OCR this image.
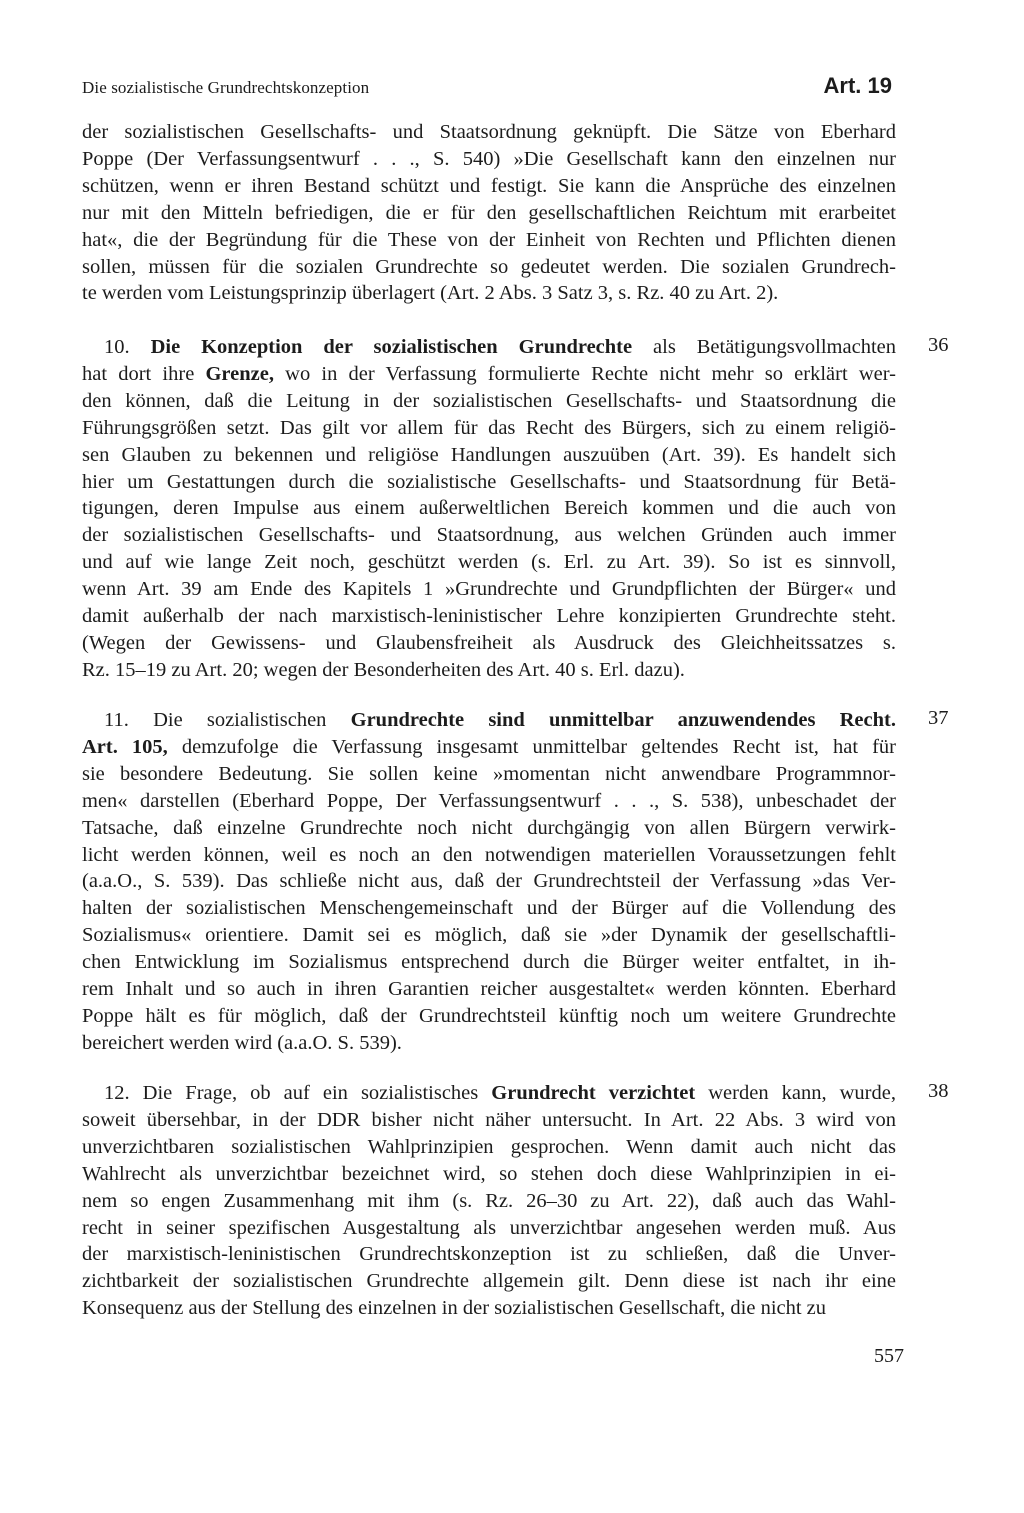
Die sozialistische Grundrechtskonzeption	Art. 19
der sozialistischen Gesellschafts- und Staatsordnung geknüpft. Die Sätze von Eberhard
Poppe (Der Verfassungsentwurf . . ., S. 540) »Die Gesellschaft kann den einzelnen nur
schützen, wenn er ihren Bestand schützt und festigt. Sie kann die Ansprüche des einzelnen
nur mit den Mitteln befriedigen, die er für den gesellschaftlichen Reichtum mit erarbeitet
hat«, die der Begründung für die These von der Einheit von Rechten und Pflichten dienen
sollen, müssen für die sozialen Grundrechte so gedeutet werden. Die sozialen Grundrech-
te werden vom Leistungsprinzip überlagert (Art. 2 Abs. 3 Satz 3, s. Rz. 40 zu Art. 2).
36
10. Die Konzeption der sozialistischen Grundrechte als Betätigungsvollmachten
hat dort ihre Grenze, wo in der Verfassung formulierte Rechte nicht mehr so erklärt wer-
den können, daß die Leitung in der sozialistischen Gesellschafts- und Staatsordnung die
Führungsgrößen setzt. Das gilt vor allem für das Recht des Bürgers, sich zu einem religiö-
sen Glauben zu bekennen und religiöse Handlungen auszuüben (Art. 39). Es handelt sich
hier um Gestattungen durch die sozialistische Gesellschafts- und Staatsordnung für Betä-
tigungen, deren Impulse aus einem außerweltlichen Bereich kommen und die auch von
der sozialistischen Gesellschafts- und Staatsordnung, aus welchen Gründen auch immer
und auf wie lange Zeit noch, geschützt werden (s. Erl. zu Art. 39). So ist es sinnvoll,
wenn Art. 39 am Ende des Kapitels 1 »Grundrechte und Grundpflichten der Bürger« und
damit außerhalb der nach marxistisch-leninistischer Lehre konzipierten Grundrechte steht.
(Wegen der Gewissens- und Glaubensfreiheit als Ausdruck des Gleichheitssatzes s.
Rz. 15–19 zu Art. 20; wegen der Besonderheiten des Art. 40 s. Erl. dazu).
37
11. Die sozialistischen Grundrechte sind unmittelbar anzuwendendes Recht.
Art. 105, demzufolge die Verfassung insgesamt unmittelbar geltendes Recht ist, hat für
sie besondere Bedeutung. Sie sollen keine »momentan nicht anwendbare Programmnor-
men« darstellen (Eberhard Poppe, Der Verfassungsentwurf . . ., S. 538), unbeschadet der
Tatsache, daß einzelne Grundrechte noch nicht durchgängig von allen Bürgern verwirk-
licht werden können, weil es noch an den notwendigen materiellen Voraussetzungen fehlt
(a.a.O., S. 539). Das schließe nicht aus, daß der Grundrechtsteil der Verfassung »das Ver-
halten der sozialistischen Menschengemeinschaft und der Bürger auf die Vollendung des
Sozialismus« orientiere. Damit sei es möglich, daß sie »der Dynamik der gesellschaftli-
chen Entwicklung im Sozialismus entsprechend durch die Bürger weiter entfaltet, in ih-
rem Inhalt und so auch in ihren Garantien reicher ausgestaltet« werden könnten. Eberhard
Poppe hält es für möglich, daß der Grundrechtsteil künftig noch um weitere Grundrechte
bereichert werden wird (a.a.O. S. 539).
38
12. Die Frage, ob auf ein sozialistisches Grundrecht verzichtet werden kann, wurde,
soweit übersehbar, in der DDR bisher nicht näher untersucht. In Art. 22 Abs. 3 wird von
unverzichtbaren sozialistischen Wahlprinzipien gesprochen. Wenn damit auch nicht das
Wahlrecht als unverzichtbar bezeichnet wird, so stehen doch diese Wahlprinzipien in ei-
nem so engen Zusammenhang mit ihm (s. Rz. 26–30 zu Art. 22), daß auch das Wahl-
recht in seiner spezifischen Ausgestaltung als unverzichtbar angesehen werden muß. Aus
der marxistisch-leninistischen Grundrechtskonzeption ist zu schließen, daß die Unver-
zichtbarkeit der sozialistischen Grundrechte allgemein gilt. Denn diese ist nach ihr eine
Konsequenz aus der Stellung des einzelnen in der sozialistischen Gesellschaft, die nicht zu
557
